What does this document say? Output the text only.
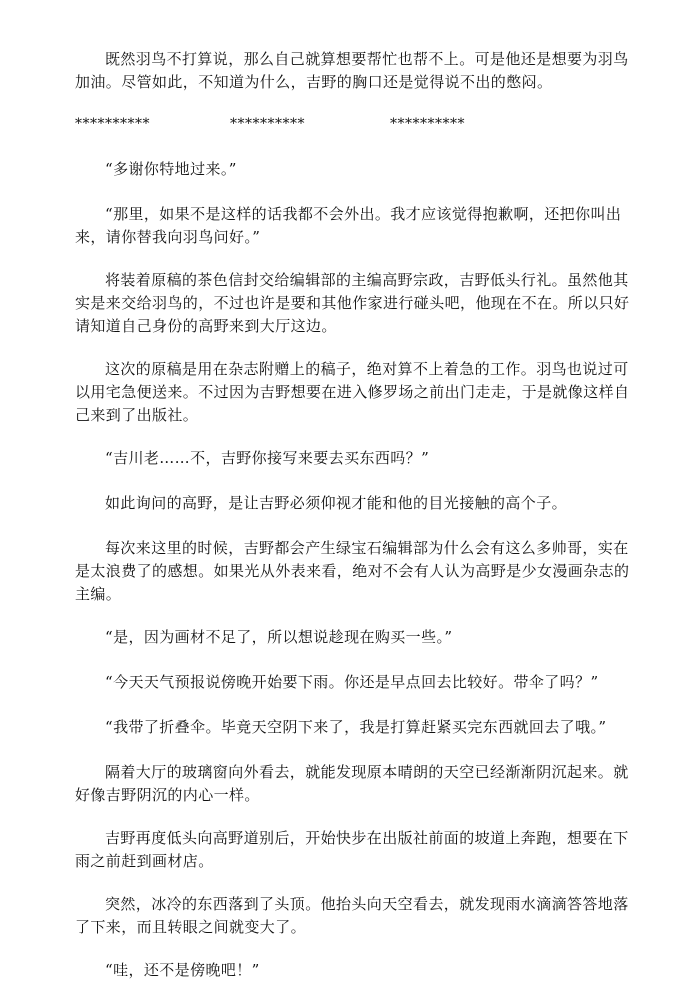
既然羽鸟不打算说，那么自己就算想要帮忙也帮不上。可是他还是想要为羽鸟加油。尽管如此，不知道为什么，吉野的胸口还是觉得说不出的憋闷。

**********	**********	**********

“多谢你特地过来。”

“那里，如果不是这样的话我都不会外出。我才应该觉得抱歉啊，还把你叫出来，请你替我向羽鸟问好。”

将装着原稿的茶色信封交给编辑部的主编高野宗政，吉野低头行礼。虽然他其实是来交给羽鸟的，不过也许是要和其他作家进行碰头吧，他现在不在。所以只好请知道自己身份的高野来到大厅这边。

这次的原稿是用在杂志附赠上的稿子，绝对算不上着急的工作。羽鸟也说过可以用宅急便送来。不过因为吉野想要在进入修罗场之前出门走走，于是就像这样自己来到了出版社。

“吉川老……不，吉野你接写来要去买东西吗？”

如此询问的高野，是让吉野必须仰视才能和他的目光接触的高个子。

每次来这里的时候，吉野都会产生绿宝石编辑部为什么会有这么多帅哥，实在是太浪费了的感想。如果光从外表来看，绝对不会有人认为高野是少女漫画杂志的主编。

“是，因为画材不足了，所以想说趁现在购买一些。”

“今天天气预报说傍晚开始要下雨。你还是早点回去比较好。带伞了吗？”

“我带了折叠伞。毕竟天空阴下来了，我是打算赶紧买完东西就回去了哦。”

隔着大厅的玻璃窗向外看去，就能发现原本晴朗的天空已经渐渐阴沉起来。就好像吉野阴沉的内心一样。

吉野再度低头向高野道别后，开始快步在出版社前面的坡道上奔跑，想要在下雨之前赶到画材店。

突然，冰冷的东西落到了头顶。他抬头向天空看去，就发现雨水滴滴答答地落了下来，而且转眼之间就变大了。

“哇，还不是傍晚吧！”
